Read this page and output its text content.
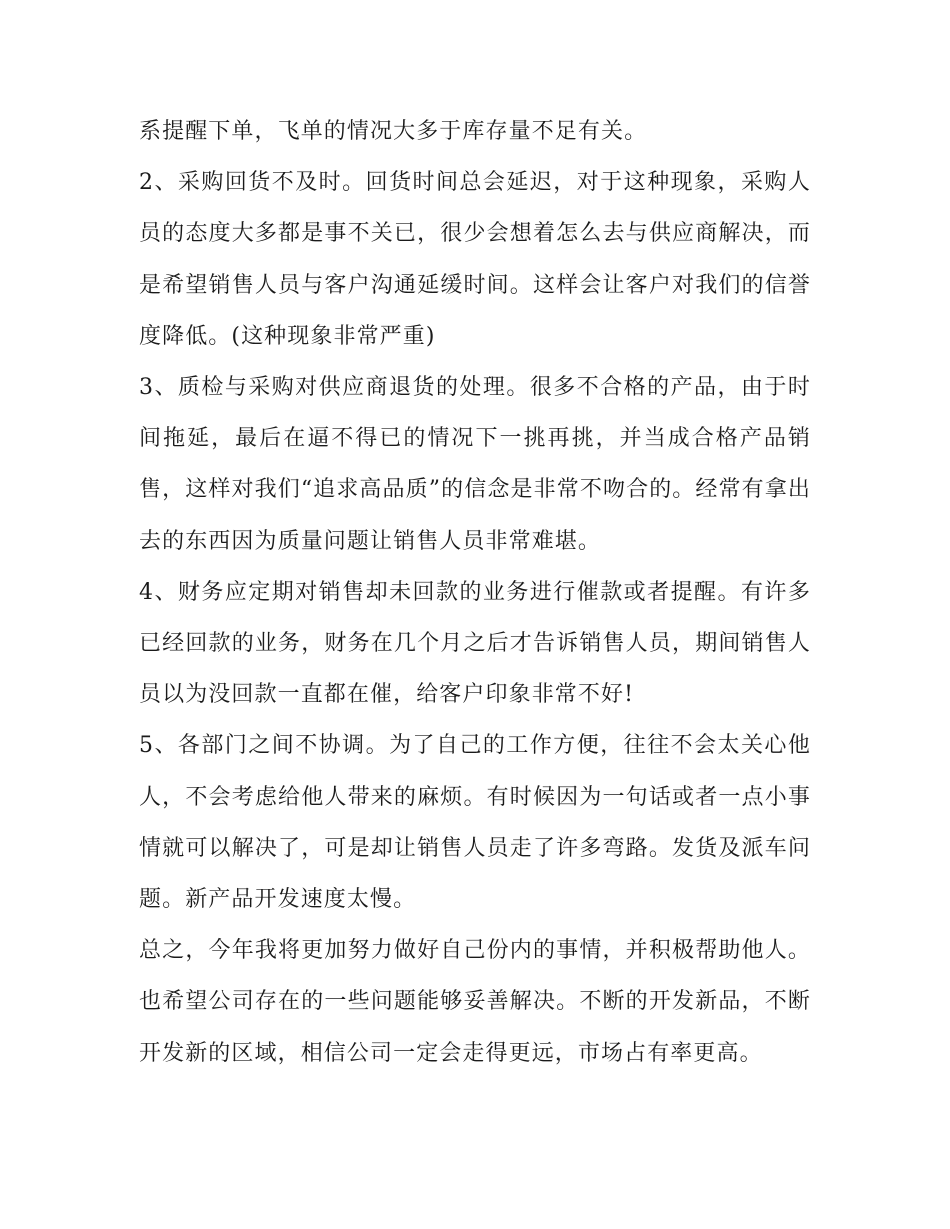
系提醒下单，飞单的情况大多于库存量不足有关。

2、采购回货不及时。回货时间总会延迟，对于这种现象，采购人员的态度大多都是事不关已，很少会想着怎么去与供应商解决，而是希望销售人员与客户沟通延缓时间。这样会让客户对我们的信誉度降低。(这种现象非常严重)

3、质检与采购对供应商退货的处理。很多不合格的产品，由于时间拖延，最后在逼不得已的情况下一挑再挑，并当成合格产品销售，这样对我们“追求高品质”的信念是非常不吻合的。经常有拿出去的东西因为质量问题让销售人员非常难堪。

4、财务应定期对销售却未回款的业务进行催款或者提醒。有许多已经回款的业务，财务在几个月之后才告诉销售人员，期间销售人员以为没回款一直都在催，给客户印象非常不好!

5、各部门之间不协调。为了自己的工作方便，往往不会太关心他人，不会考虑给他人带来的麻烦。有时候因为一句话或者一点小事情就可以解决了，可是却让销售人员走了许多弯路。发货及派车问题。新产品开发速度太慢。

总之，今年我将更加努力做好自己份内的事情，并积极帮助他人。也希望公司存在的一些问题能够妥善解决。不断的开发新品，不断开发新的区域，相信公司一定会走得更远，市场占有率更高。
